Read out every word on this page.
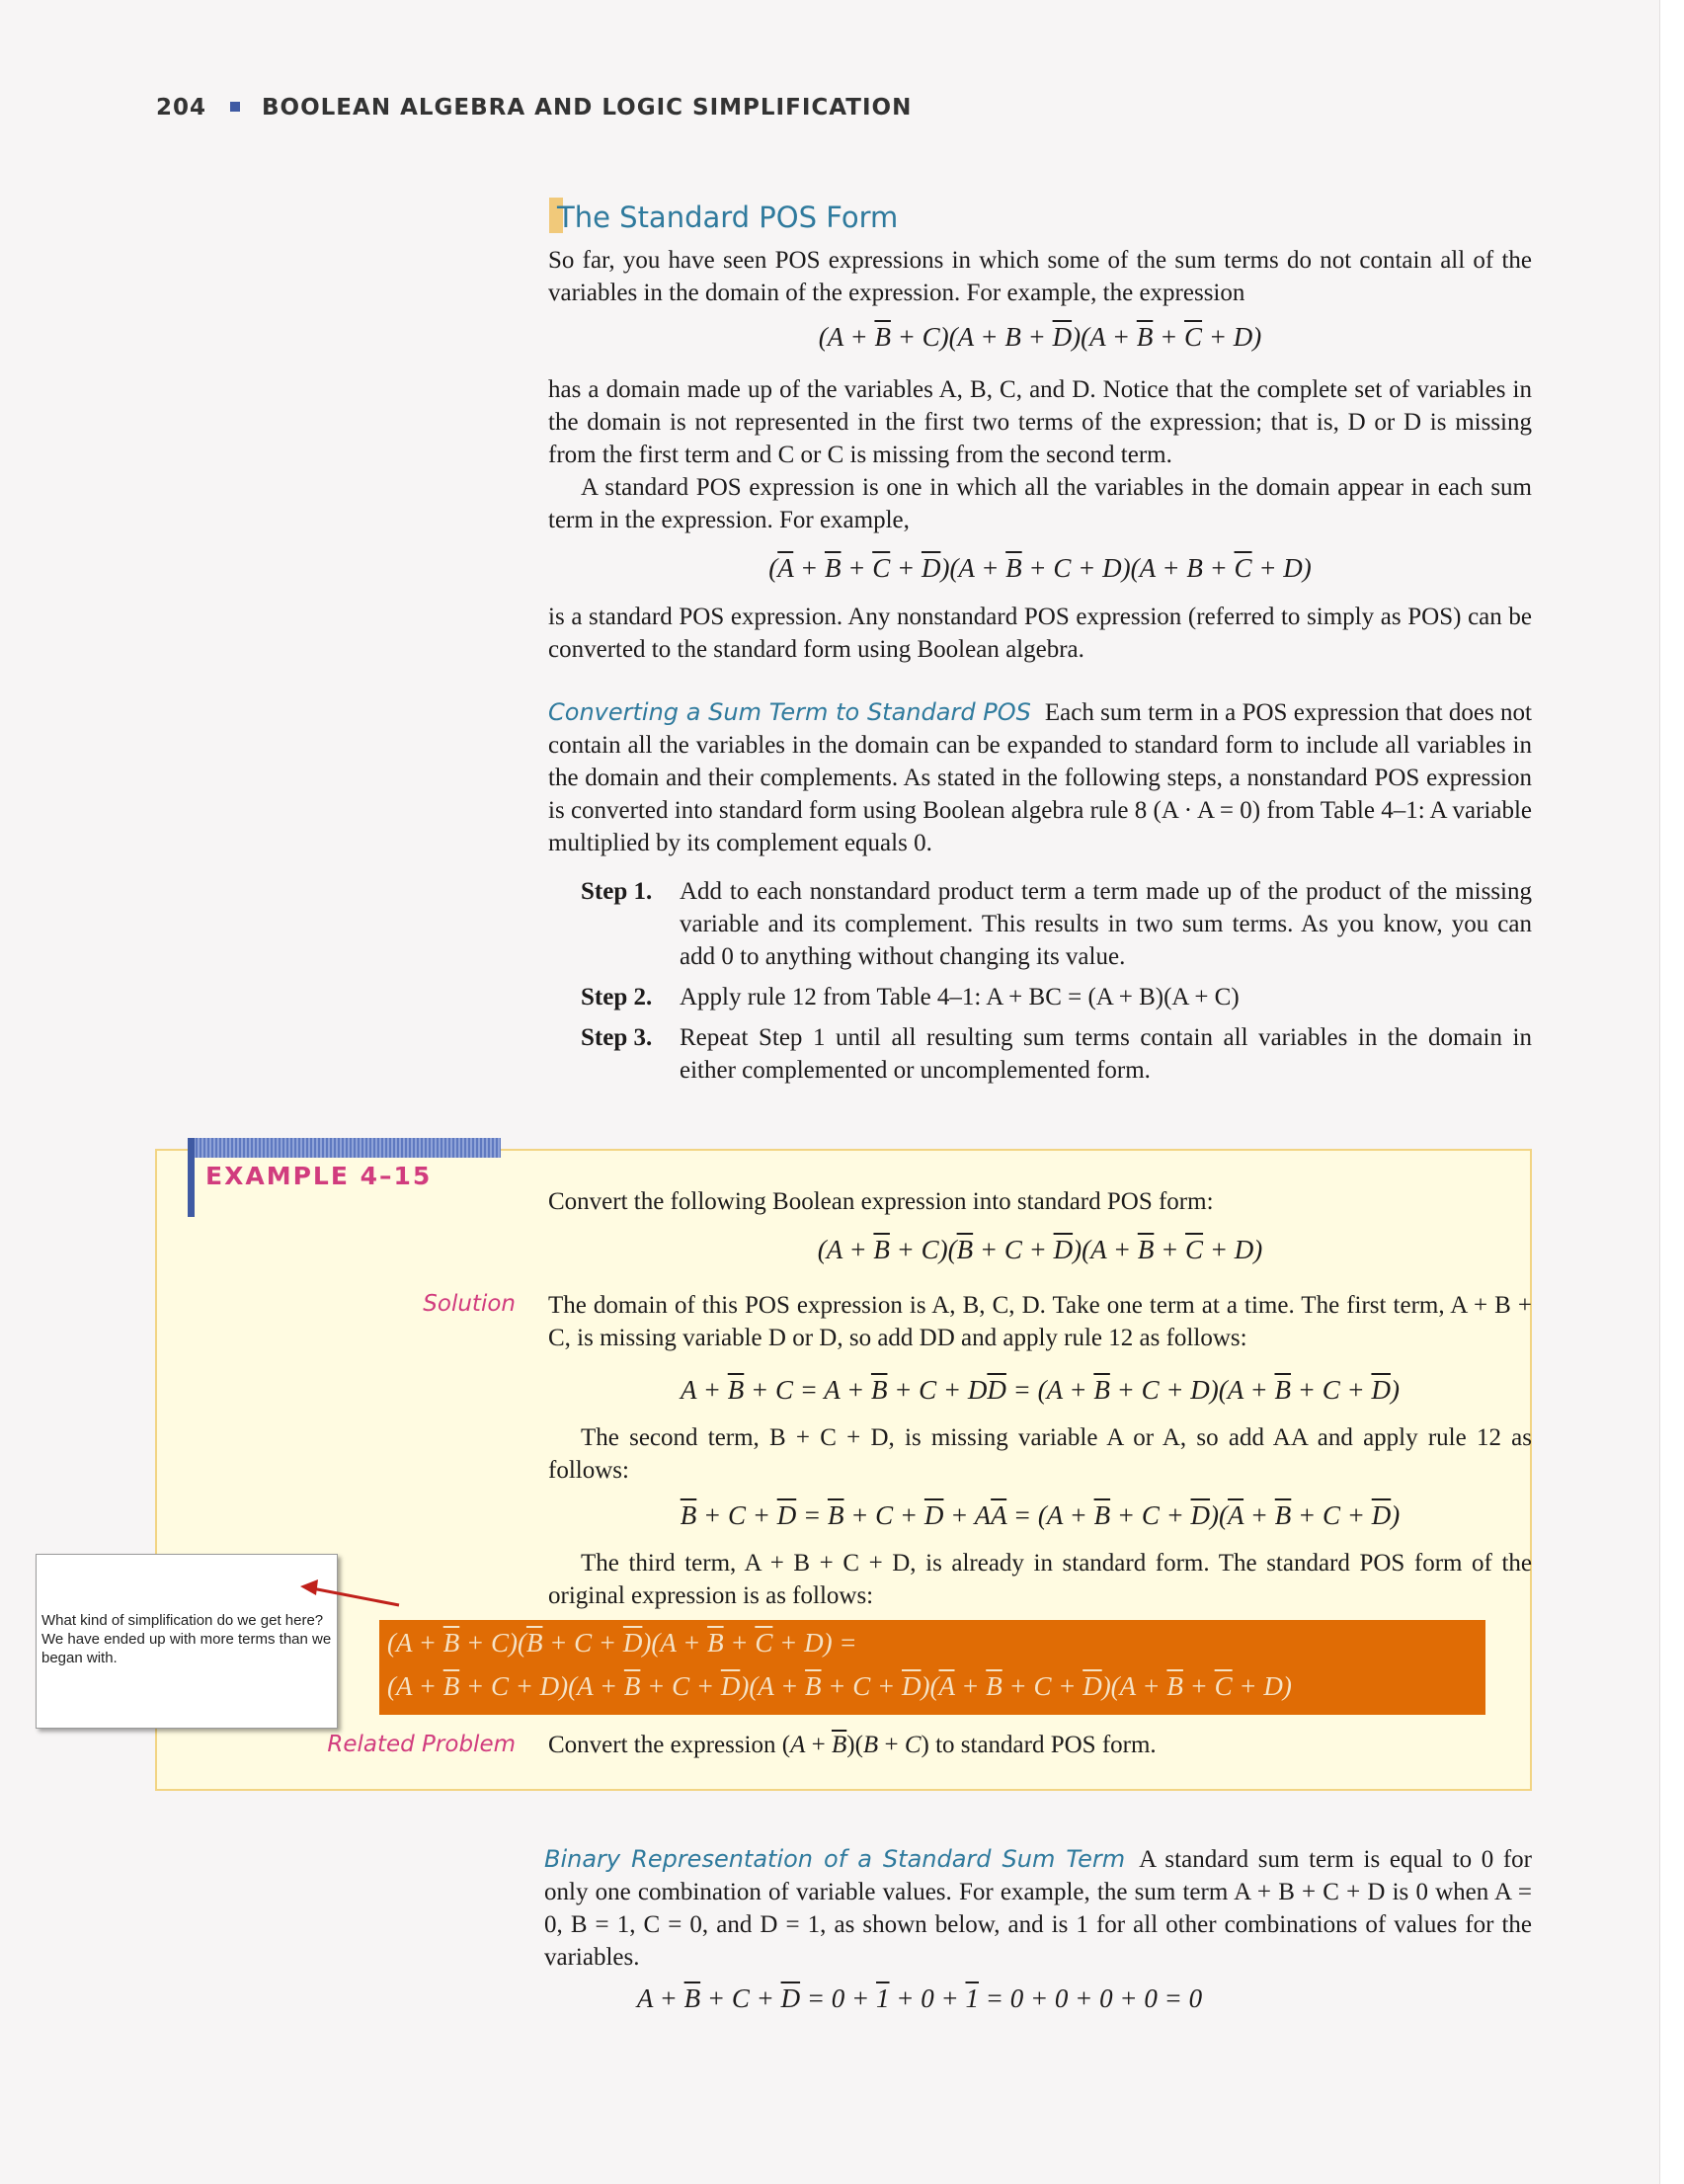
204 BOOLEAN ALGEBRA AND LOGIC SIMPLIFICATION
The Standard POS Form

So far, you have seen POS expressions in which some of the sum terms do not contain all of the variables in the domain of the expression. For example, the expression

$(A + \overline{B} + C)(A + B + \overline{D})(A + \overline{B} + \overline{C} + D)$

has a domain made up of the variables A, B, C, and D. Notice that the complete set of variables in the domain is not represented in the first two terms of the expression; that is, D or D is missing from the first term and C or C is missing from the second term.

A standard POS expression is one in which all the variables in the domain appear in each sum term in the expression. For example,

$(\overline{A} + \overline{B} + \overline{C} + \overline{D})(A + \overline{B} + C + D)(A + B + \overline{C} + D)$

is a standard POS expression. Any nonstandard POS expression (referred to simply as POS) can be converted to the standard form using Boolean algebra.

Converting a Sum Term to Standard POS Each sum term in a POS expression that does not contain all the variables in the domain can be expanded to standard form to include all variables in the domain and their complements. As stated in the following steps, a nonstandard POS expression is converted into standard form using Boolean algebra rule 8 (A · A = 0) from Table 4–1: A variable multiplied by its complement equals 0.

Step 1.	Add to each nonstandard product term a term made up of the product of the missing variable and its complement. This results in two sum terms. As you know, you can add 0 to anything without changing its value.
Step 2.	Apply rule 12 from Table 4–1: A + BC = (A + B)(A + C)
Step 3.	Repeat Step 1 until all resulting sum terms contain all variables in the domain in either complemented or uncomplemented form.
EXAMPLE 4–15

Convert the following Boolean expression into standard POS form:

$(A + \overline{B} + C)(\overline{B} + C + \overline{D})(A + \overline{B} + \overline{C} + D)$
Solution The domain of this POS expression is A, B, C, D. Take one term at a time. The first term, A + B + C, is missing variable D or D, so add DD and apply rule 12 as follows:

$A + \overline{B} + C = A + \overline{B} + C + D\overline{D} = (A + \overline{B} + C + D)(A + \overline{B} + C + \overline{D})$

The second term, B + C + D, is missing variable A or A, so add AA and apply rule 12 as follows:

$\overline{B} + C + \overline{D} = \overline{B} + C + \overline{D} + A\overline{A} = (A + \overline{B} + C + \overline{D})(\overline{A} + \overline{B} + C + \overline{D})$

The third term, A + B + C + D, is already in standard form. The standard POS form of the original expression is as follows:

$(A + \overline{B} + C)(\overline{B} + C + \overline{D})(A + \overline{B} + \overline{C} + D)$ =
$(A + \overline{B} + C + D)(A + \overline{B} + C + \overline{D})(A + \overline{B} + C + \overline{D})(\overline{A} + \overline{B} + C + \overline{D})(A + \overline{B} + \overline{C} + D)$
Related Problem Convert the expression $(A + \overline{B})(B + C)$ to standard POS form.

What kind of simplification do we get here? We have ended up with more terms than we began with.

Binary Representation of a Standard Sum Term A standard sum term is equal to 0 for only one combination of variable values. For example, the sum term A + B + C + D is 0 when A = 0, B = 1, C = 0, and D = 1, as shown below, and is 1 for all other combinations of values for the variables.

$A + \overline{B} + C + \overline{D} = 0 + 1 + 0 + 1 = 0 + 0 + 0 + 0 = 0$
